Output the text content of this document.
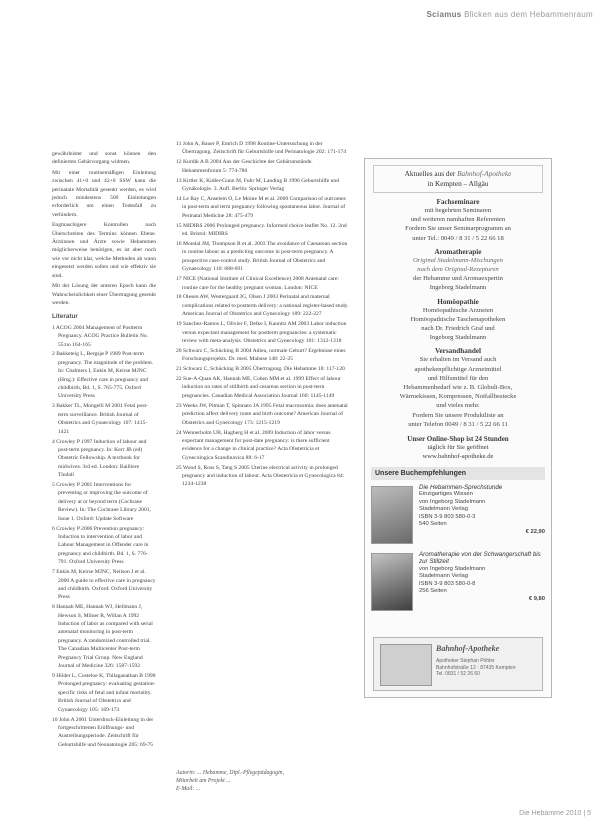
Sciamus Blicken aus dem Hebammenraum

gewährleistet und sonst können den definierten Gebärvorgang widmen.

Mit einer routinemäßigen Einleitung zwischen 41+0 und 42+0 SSW kann die perinatale Mortalität gesenkt werden, es wird jedoch mindestens 500 Einleitungen erforderlich um einen Todesfall zu verhindern.

Engmaschigere Kontrollen nach Überschreiten des Termins können Ebene. Ärztinnen und Ärzte sowie Hebammen möglicherweise benötigen, es ist aber noch wie vor nicht klar, welche Methoden ab wann eingesetzt werden sollen und wie effektiv sie sind.

Mit der Lösung der unteren Epoch kann die Wahrscheinlichkeit einer Übertragung gesenkt werden.

Literatur
1 ACOG 2004 Management of Postterm Pregnancy. ACOG Practice Bulletin No. 55:no 164-165
2 Bakketeig L, Bergsjø P 1989 Post-term pregnancy. The magnitude of the problem. In: Chalmers I, Enkin M, Keirse MJNC (Hrsg.): Effective care in pregnancy and childbirth, Bd. 1, S. 765-775. Oxford University Press
3 Bakker TL, Mongelli M 2001 Fetal post-term surveillance. British Journal of Obstetrics and Gynaecology 107: 1415-1421
4 Crowley P 1997 Induction of labour and post-term pregnancy. In: Kerr JB (ed) Obstetric Fellowship. A textbook for midwives. 3rd ed. London: Bailliere Tindall
5 Crowley P 2001 Interventions for preventing or improving the outcome of delivery at or beyond term (Cochrane Review). In: The Cochrane Library 2001, Issue 1. Oxford: Update Software
6 Crowley P 2006 Prevention pregnancy: Induction to intervention of labor and Labour Management in Offender care in pregnancy and childbirth. Bd. 1, S. 776-791. Oxford University Press
7 Enkin M, Keirse MJNC, Neilson J et al. 2000 A guide to effective care in pregnancy and childbirth. Oxford: Oxford University Press
8 Hannah ME, Hannah WJ, Hellmann J, Hewson S, Milner R, Willan A 1992 Induction of labor as compared with serial antenatal monitoring in post-term pregnancy. A randomized controlled trial. The Canadian Multicenter Post-term Pregnancy Trial Group. New England Journal of Medicine 326: 1587-1592
9 Hilder L, Costeloe K, Thilaganathan B 1998 Prolonged pregnancy: evaluating gestation-specific risks of fetal and infant mortality. British Journal of Obstetrics and Gynaecology 105: 169-173
10 John A 2001 Unterdruck-Einleitung in der fortgeschrittenen Eröffnungs- und Austreibungsperiode. Zeitschrift für Geburtshilfe und Neonatologie 205: 69-75
11 John A, Bauer P, Emrich D 1998 Routine-Untersuchung in der Übertragung. Zeitschrift für Geburtshilfe und Perinatologie 202: 171-174
12 Kurdik A B 2004 Aus der Geschichte der Gebärumstände. Hebammenforum 5: 774-780
13 Kirtler K, Kidler-Gunn M, Fuhr M, Landing B 1996 Geburtshilfe und Gynäkologie. 3. Aufl. Berlin: Springer Verlag
14 Le Ray C, Anselem O, Le Moine M et al. 2009 Comparison of outcomes in post-term and term pregnancy following spontaneous labor. Journal of Perinatal Medicine 28: 475-479
15 MIDIRS 2006 Prolonged pregnancy. Informed choice leaflet No. 12. 2nd ed. Bristol: MIDIRS
16 Mondal JM, Thompson R et al. 2003 The avoidance of Caesarean section in routine labour as a predicting outcome in post-term pregnancy. A prospective case-control study. British Journal of Obstetrics and Gynaecology 110: 688-691
17 NICE (National Institute of Clinical Excellence) 2008 Antenatal care: routine care for the healthy pregnant woman. London: NICE
18 Olesen AW, Westergaard JG, Olsen J 2003 Perinatal and maternal complications related to postterm delivery: a national register-based study. American Journal of Obstetrics and Gynecology 189: 222-227
19 Sanchez-Ramos L, Olivier F, Delke I, Kaunitz AM 2003 Labor induction versus expectant management for postterm pregnancies: a systematic review with meta-analysis. Obstetrics and Gynecology 101: 1312-1318
20 Schwarz C, Schücking B 2004 Adieu, normale Geburt? Ergebnisse eines Forschungsprojekts. Dr. med. Mabuse 148: 22-25
21 Schwarz C, Schücking B 2005 Übertragung. Die Hebamme 18: 117-120
22 Sue-A-Quan AK, Hannah ME, Cohen MM et al. 1999 Effect of labour induction on rates of stillbirth and cesarean section in post-term pregnancies. Canadian Medical Association Journal 160: 1145-1149
23 Weeks JW, Pitman T, Spinnato JA 1995 Fetal macrosomia: does antenatal prediction affect delivery route and birth outcome? American Journal of Obstetrics and Gynecology 173: 1215-1219
24 Wennerholm UB, Hagberg H et al. 2009 Induction of labor versus expectant management for post-date pregnancy: is there sufficient evidence for a change in clinical practice? Acta Obstetricia et Gynecologica Scandinavica 88: 6-17
25 Wood S, Ross S, Tang S 2005 Uterine electrical activity in prolonged pregnancy and induction of labour. Acta Obstetricia et Gynecologica 84: 1234-1238
Autorin: ... Hebamme, Dipl.-Pflegepädagogin,
Mitarbeit am Projekt ...
E-Mail: ...
Die Hebamme 2010 | 5
Aktuelles aus der Bahnhof-Apotheke
in Kempten – Allgäu
Fachseminare
mit begehrten Seminaren
und weiteren namhaften Referenten
Fordern Sie unser Seminarprogramm an
unter Tel.: 0049 / 8 31 / 5 22 66 18
Aromatherapie
Original Stadelmann-Mischungen
nach dem Original-Rezepturen
der Hebamme und Aromaexpertin
Ingeborg Stadelmann
Homöopathie
Homöopathische Arzneien
Homöopathische Taschenapotheken
nach Dr. Friedrich Graf und
Ingeborg Stadelmann
Versandhandel
Sie erhalten im Versand auch
apothekenpflichtige Arzneimittel
und Hilfsmittel für den
Hebammenbedarf wie z. B. Globuli-Box,
Wärmekissen, Kompressen, Notfallbestecke
und vieles mehr.
Fordern Sie unsere Produktliste an
unter Telefon 0049 / 8 31 / 5 22 66 11
Unser Online-Shop ist 24 Stunden
täglich für Sie geöffnet
www.bahnhof-apotheke.de
Unsere Buchempfehlungen
Die Hebammen-Sprechstunde
Einzigartiges Wissen
von Ingeborg Stadelmann
Stadelmann Verlag
ISBN 3-9 803 580-0-3
540 Seiten
€ 22,90
Aromatherapie von der Schwangerschaft bis zur Stillzeit
von Ingeborg Stadelmann
Stadelmann Verlag
ISBN 3-9 803 580-0-8
256 Seiten
€ 9,80
Bahnhof-Apotheke
Apotheker Stephan Pöhler
Bahnhofstraße 12 · 87435 Kempten
Tel. 0831 / 52 26 60
